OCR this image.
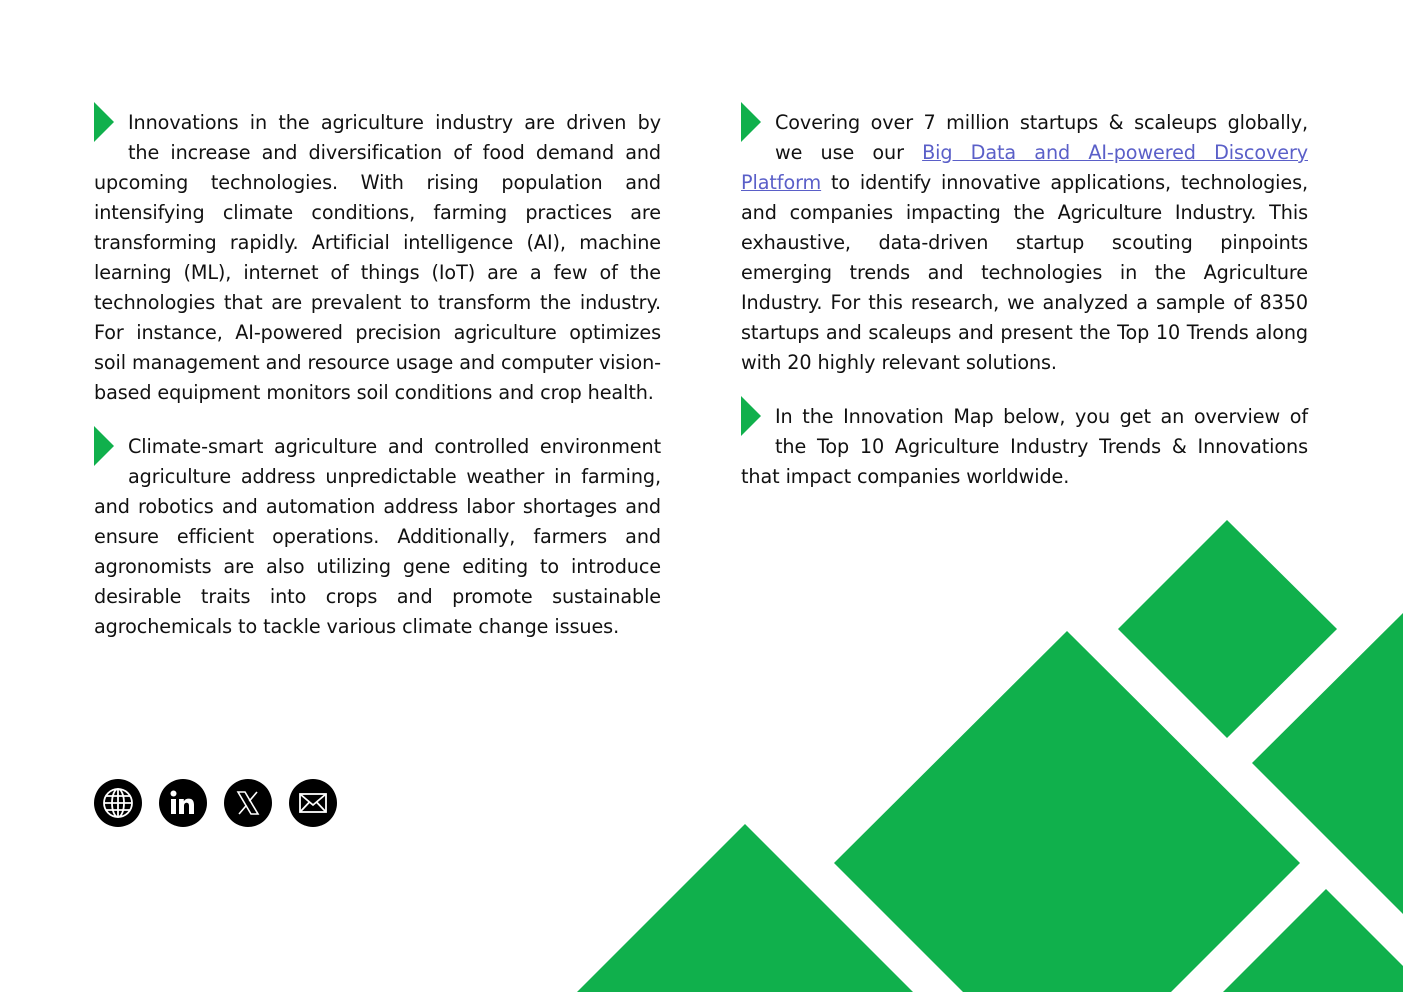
Innovations in the agriculture industry are driven by the increase and diversification of food demand and upcoming technologies. With rising population and intensifying climate conditions, farming practices are transforming rapidly. Artificial intelligence (AI), machine learning (ML), internet of things (IoT) are a few of the technologies that are prevalent to transform the industry. For instance, AI-powered precision agriculture optimizes soil management and resource usage and computer vision-based equipment monitors soil conditions and crop health.

Climate-smart agriculture and controlled environment agriculture address unpredictable weather in farming, and robotics and automation address labor shortages and ensure efficient operations. Additionally, farmers and agronomists are also utilizing gene editing to introduce desirable traits into crops and promote sustainable agrochemicals to tackle various climate change issues.

Covering over 7 million startups & scaleups globally, we use our Big Data and AI-powered Discovery Platform to identify innovative applications, technologies, and companies impacting the Agriculture Industry. This exhaustive, data-driven startup scouting pinpoints emerging trends and technologies in the Agriculture Industry. For this research, we analyzed a sample of 8350 startups and scaleups and present the Top 10 Trends along with 20 highly relevant solutions.

In the Innovation Map below, you get an overview of the Top 10 Agriculture Industry Trends & Innovations that impact companies worldwide.
